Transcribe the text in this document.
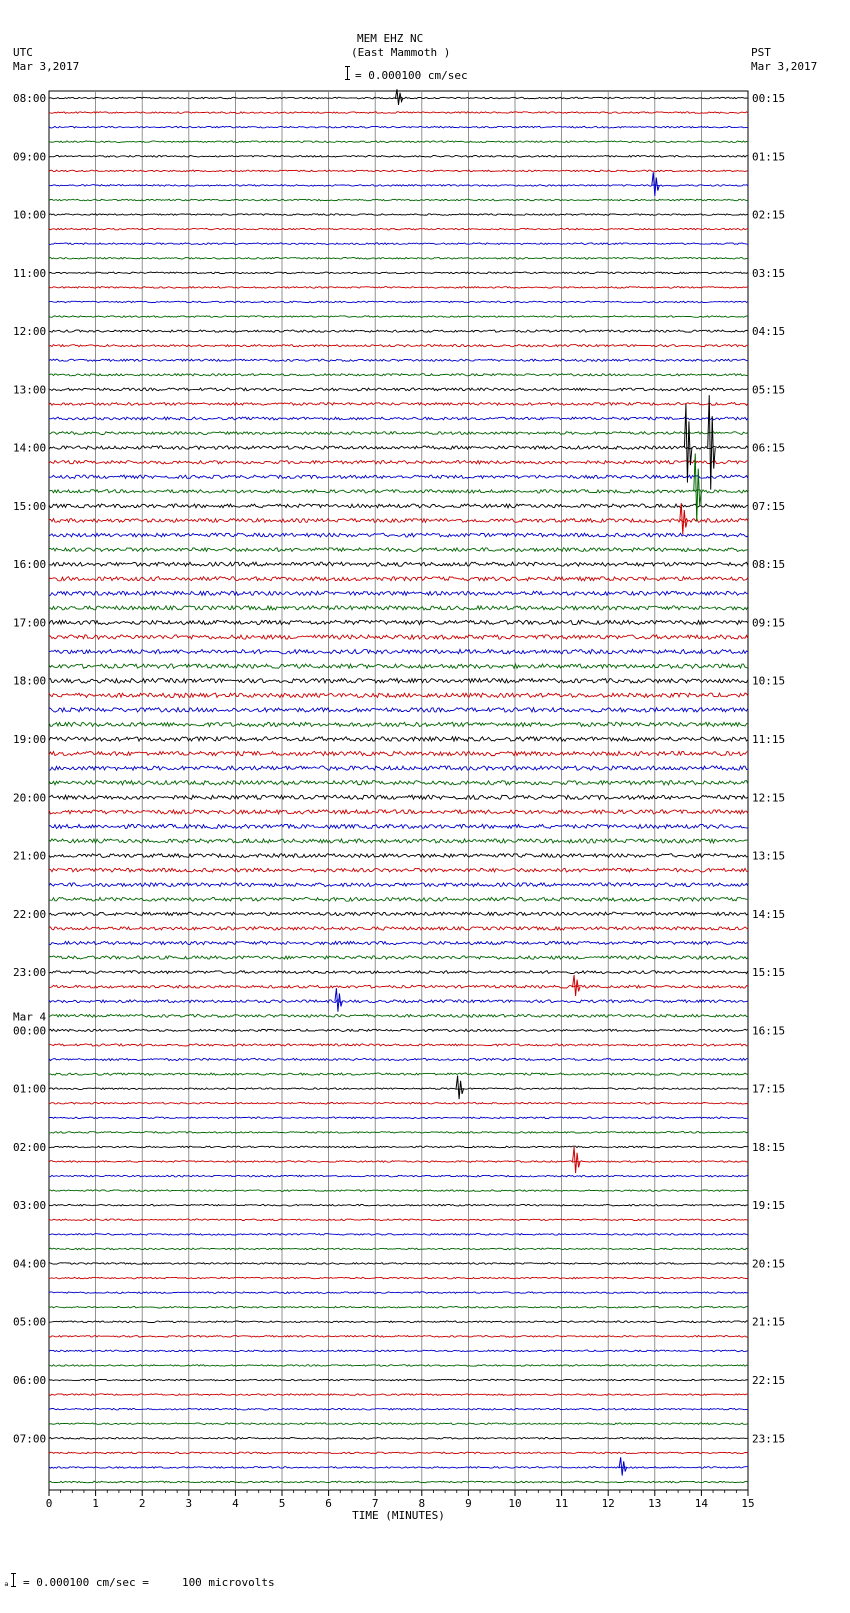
MEM EHZ NC
(East Mammoth )
= 0.000100 cm/sec
UTC
Mar 3,2017
PST
Mar 3,2017
08:00	00:15
09:00	01:15
10:00	02:15
11:00	03:15
12:00	04:15
13:00	05:15
14:00	06:15
15:00	07:15
16:00	08:15
17:00	09:15
18:00	10:15
19:00	11:15
20:00	12:15
21:00	13:15
22:00	14:15
23:00	15:15
00:00	16:15
Mar 4
01:00	17:15
02:00	18:15
03:00	19:15
04:00	20:15
05:00	21:15
06:00	22:15
07:00	23:15
0	1	2	3	4	5	6	7	8	9	10	11	12	13	14	15
TIME (MINUTES)
ₐ = 0.000100 cm/sec =     100 microvolts
